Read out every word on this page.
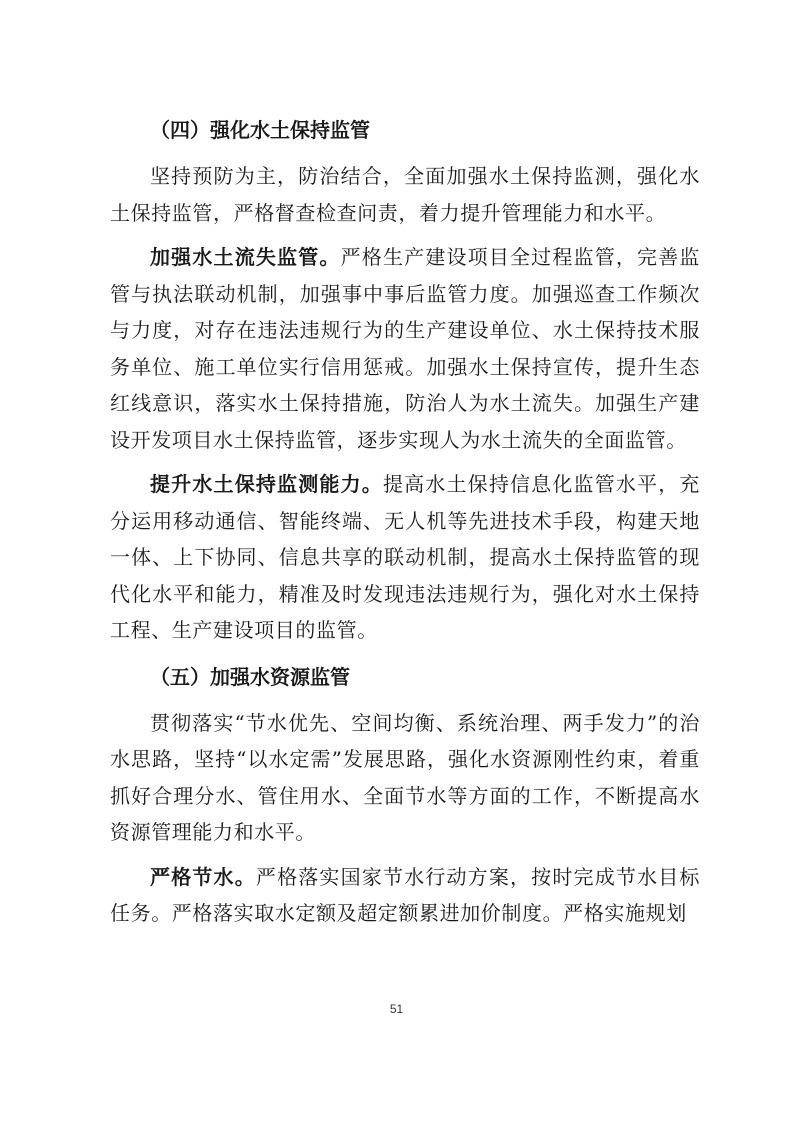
（四）强化水土保持监管

坚持预防为主，防治结合，全面加强水土保持监测，强化水土保持监管，严格督查检查问责，着力提升管理能力和水平。

加强水土流失监管。严格生产建设项目全过程监管，完善监管与执法联动机制，加强事中事后监管力度。加强巡查工作频次与力度，对存在违法违规行为的生产建设单位、水土保持技术服务单位、施工单位实行信用惩戒。加强水土保持宣传，提升生态红线意识，落实水土保持措施，防治人为水土流失。加强生产建设开发项目水土保持监管，逐步实现人为水土流失的全面监管。

提升水土保持监测能力。提高水土保持信息化监管水平，充分运用移动通信、智能终端、无人机等先进技术手段，构建天地一体、上下协同、信息共享的联动机制，提高水土保持监管的现代化水平和能力，精准及时发现违法违规行为，强化对水土保持工程、生产建设项目的监管。

（五）加强水资源监管

贯彻落实“节水优先、空间均衡、系统治理、两手发力”的治水思路，坚持“以水定需”发展思路，强化水资源刚性约束，着重抓好合理分水、管住用水、全面节水等方面的工作，不断提高水资源管理能力和水平。

严格节水。严格落实国家节水行动方案，按时完成节水目标任务。严格落实取水定额及超定额累进加价制度。严格实施规划

51
